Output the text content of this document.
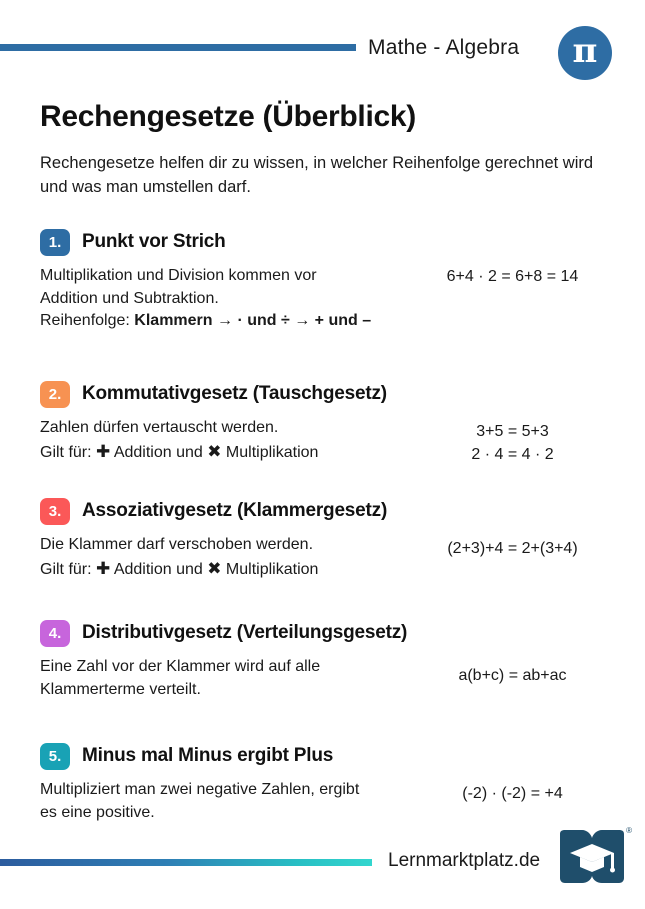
Mathe - Algebra π
Rechengesetze (Überblick)
Rechengesetze helfen dir zu wissen, in welcher Reihenfolge gerechnet wird und was man umstellen darf.
1.	Punkt vor Strich
Multiplikation und Division kommen vor
Addition und Subtraktion.
Reihenfolge: Klammern → · und ÷ → + und –
6+4 · 2 = 6+8 = 14
2.	Kommutativgesetz (Tauschgesetz)
Zahlen dürfen vertauscht werden.
Gilt für: ✚ Addition und ✖ Multiplikation
3+5 = 5+3
2 · 4 = 4 · 2
3.	Assoziativgesetz (Klammergesetz)
Die Klammer darf verschoben werden.
Gilt für: ✚ Addition und ✖ Multiplikation
(2+3)+4 = 2+(3+4)
4.	Distributivgesetz (Verteilungsgesetz)
Eine Zahl vor der Klammer wird auf alle
Klammerterme verteilt.
a(b+c) = ab+ac
5.	Minus mal Minus ergibt Plus
Multipliziert man zwei negative Zahlen, ergibt
es eine positive.
(-2) · (-2) = +4
Lernmarktplatz.de
®
